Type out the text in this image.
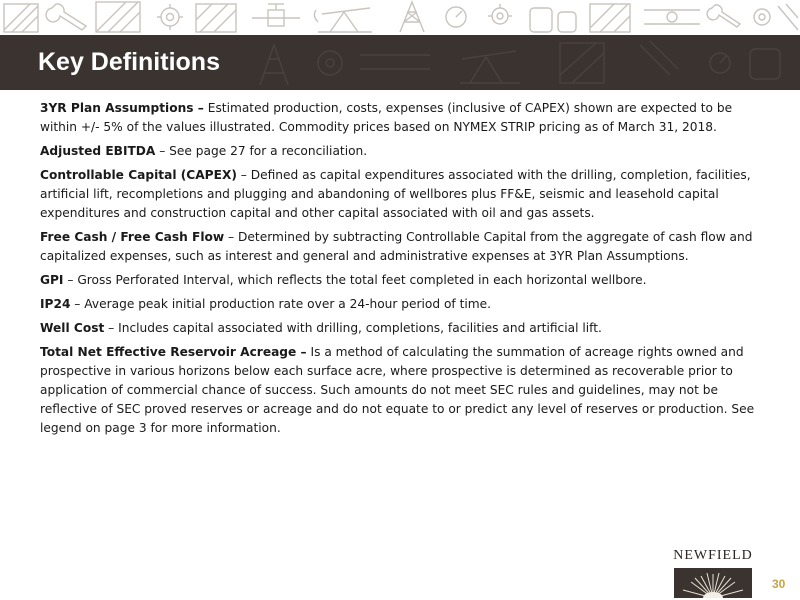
Key Definitions

3YR Plan Assumptions – Estimated production, costs, expenses (inclusive of CAPEX) shown are expected to be within +/- 5% of the values illustrated. Commodity prices based on NYMEX STRIP pricing as of March 31, 2018.

Adjusted EBITDA – See page 27 for a reconciliation.

Controllable Capital (CAPEX) – Defined as capital expenditures associated with the drilling, completion, facilities, artificial lift, recompletions and plugging and abandoning of wellbores plus FF&E, seismic and leasehold capital expenditures and construction capital and other capital associated with oil and gas assets.

Free Cash / Free Cash Flow – Determined by subtracting Controllable Capital from the aggregate of cash flow and capitalized expenses, such as interest and general and administrative expenses at 3YR Plan Assumptions.

GPI – Gross Perforated Interval, which reflects the total feet completed in each horizontal wellbore.

IP24 – Average peak initial production rate over a 24-hour period of time.

Well Cost – Includes capital associated with drilling, completions, facilities and artificial lift.

Total Net Effective Reservoir Acreage – Is a method of calculating the summation of acreage rights owned and prospective in various horizons below each surface acre, where prospective is determined as recoverable prior to application of commercial chance of success. Such amounts do not meet SEC rules and guidelines, may not be reflective of SEC proved reserves or acreage and do not equate to or predict any level of reserves or production. See legend on page 3 for more information.

NEWFIELD
30
